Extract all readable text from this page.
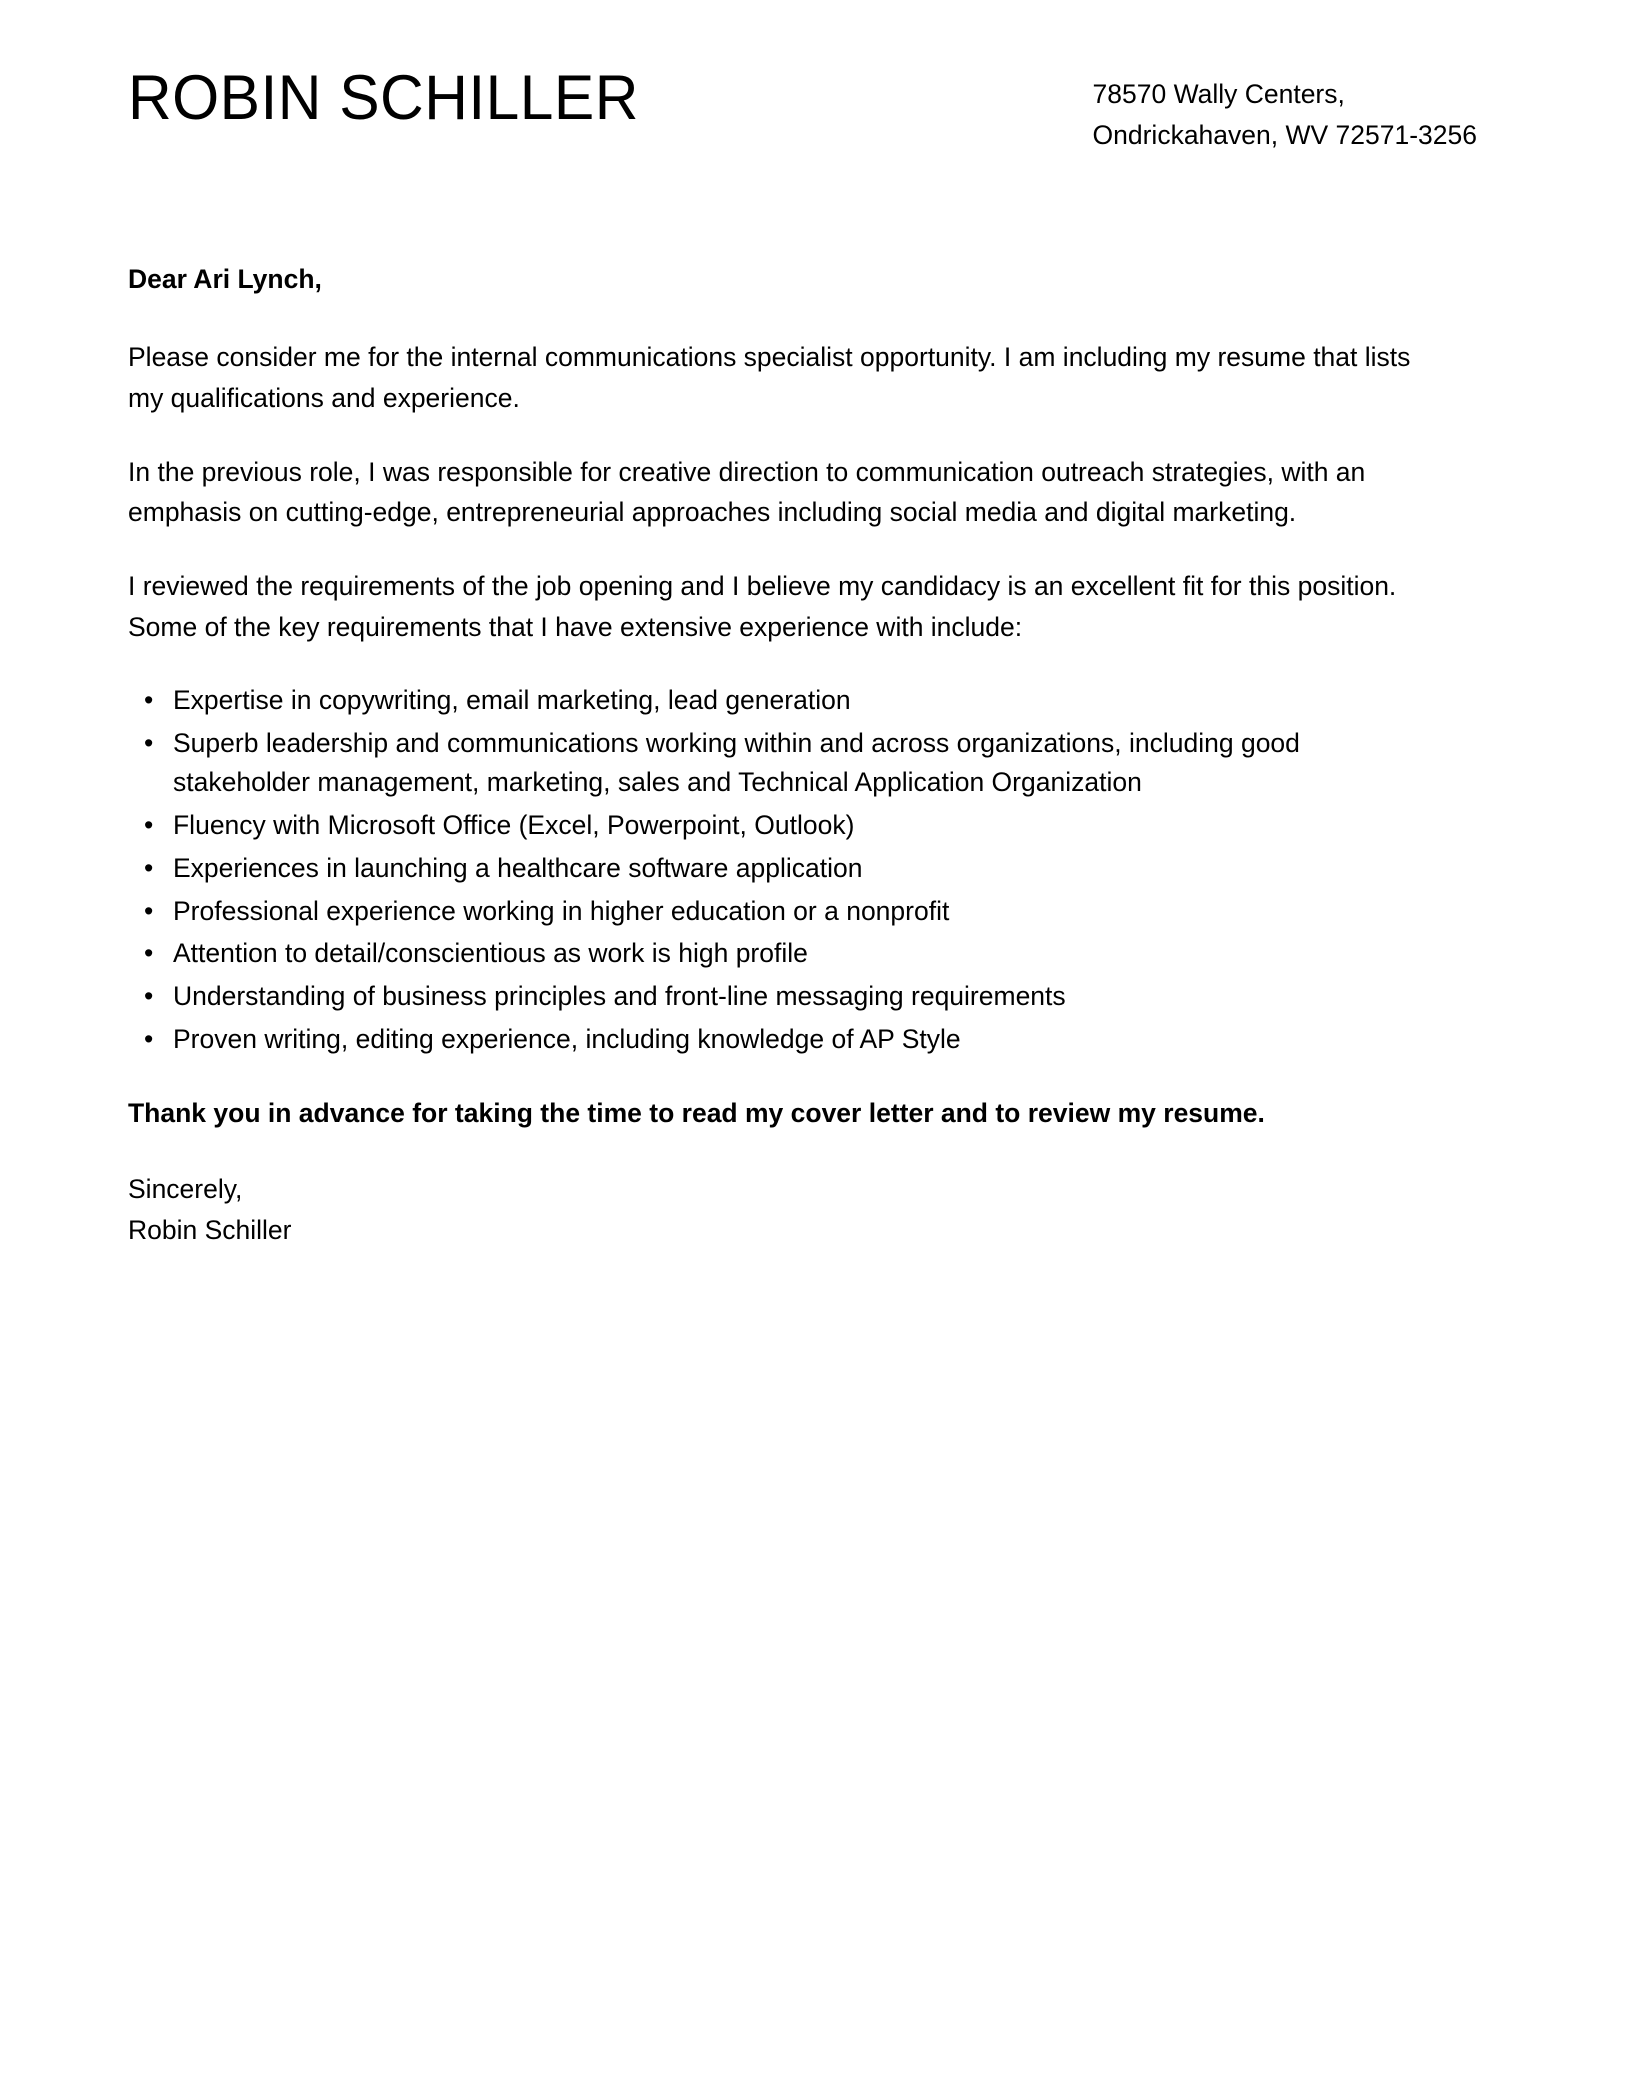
ROBIN SCHILLER	78570 Wally Centers,
Ondrickahaven, WV 72571-3256

Dear Ari Lynch,

Please consider me for the internal communications specialist opportunity. I am including my resume that lists my qualifications and experience.

In the previous role, I was responsible for creative direction to communication outreach strategies, with an emphasis on cutting-edge, entrepreneurial approaches including social media and digital marketing.

I reviewed the requirements of the job opening and I believe my candidacy is an excellent fit for this position. Some of the key requirements that I have extensive experience with include:

• Expertise in copywriting, email marketing, lead generation
• Superb leadership and communications working within and across organizations, including good stakeholder management, marketing, sales and Technical Application Organization
• Fluency with Microsoft Office (Excel, Powerpoint, Outlook)
• Experiences in launching a healthcare software application
• Professional experience working in higher education or a nonprofit
• Attention to detail/conscientious as work is high profile
• Understanding of business principles and front-line messaging requirements
• Proven writing, editing experience, including knowledge of AP Style

Thank you in advance for taking the time to read my cover letter and to review my resume.

Sincerely,
Robin Schiller
